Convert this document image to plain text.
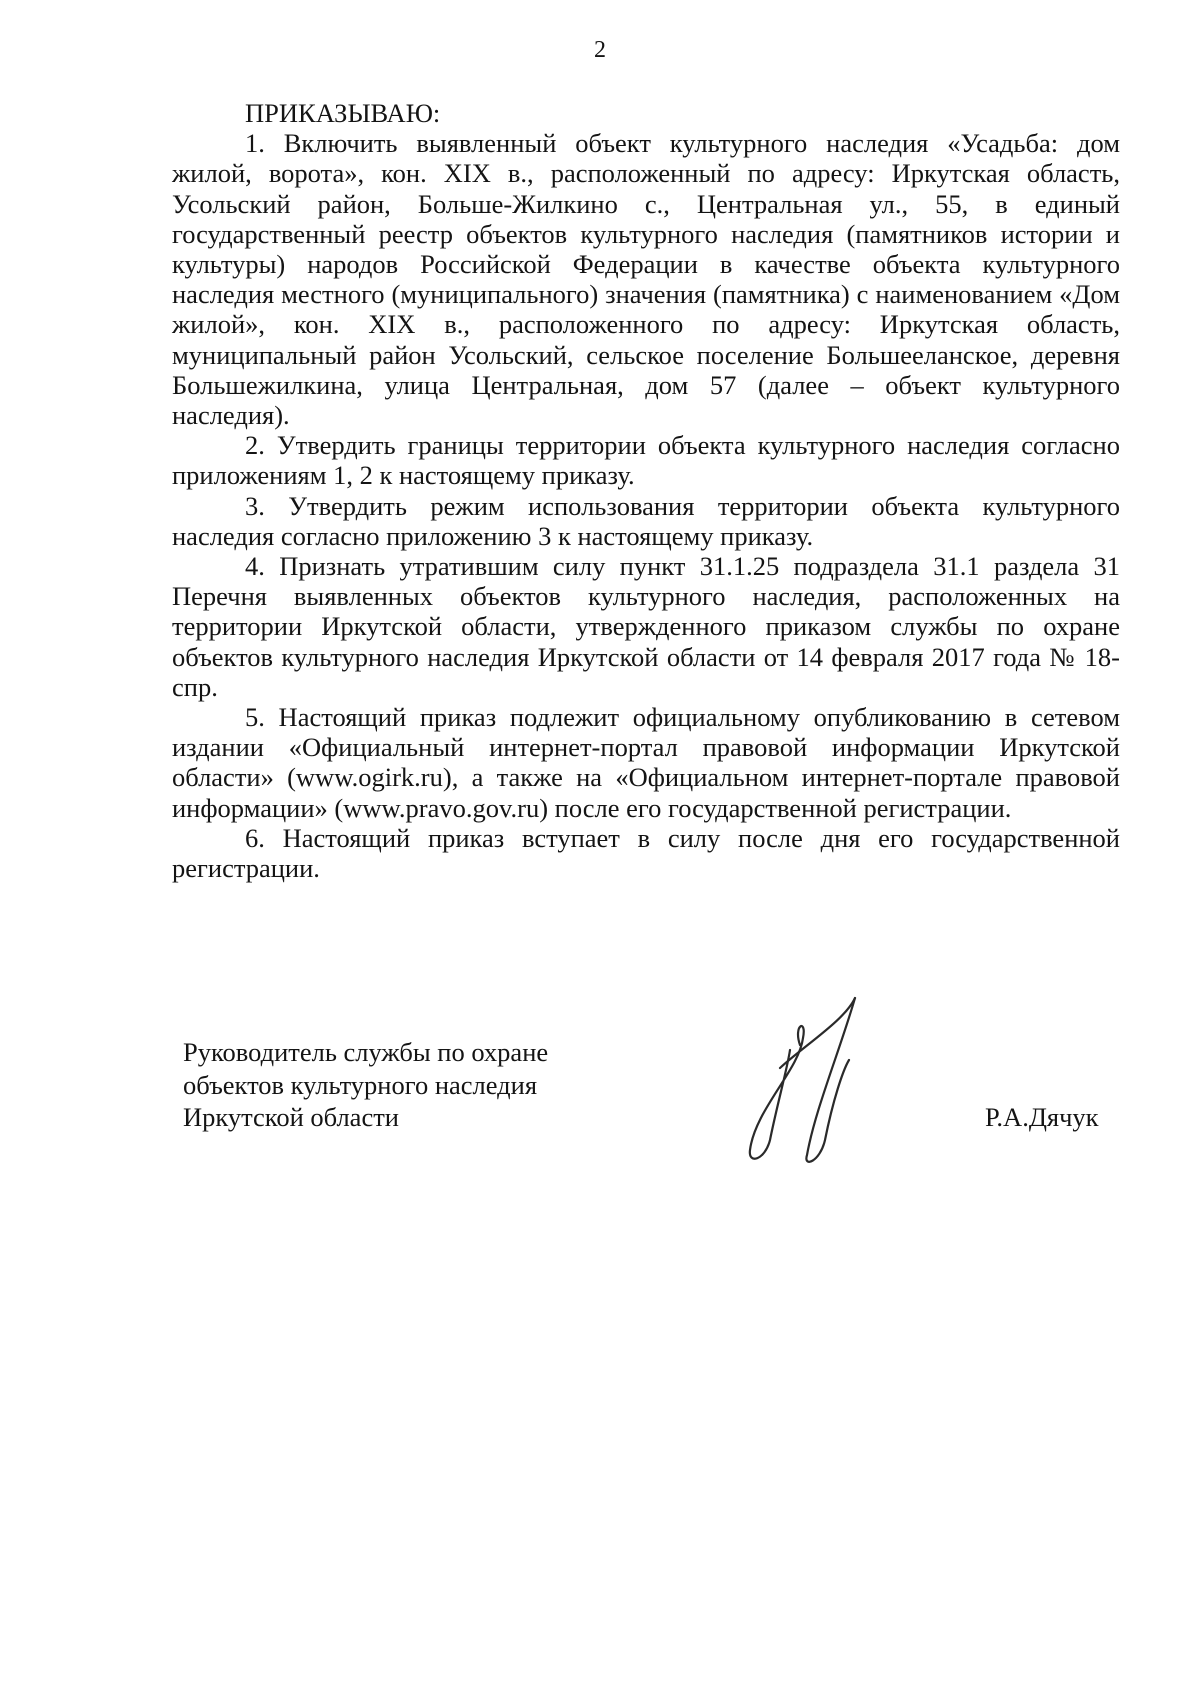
2

ПРИКАЗЫВАЮ:

1. Включить выявленный объект культурного наследия «Усадьба: дом жилой, ворота», кон. XIX в., расположенный по адресу: Иркутская область, Усольский район, Больше-Жилкино с., Центральная ул., 55, в единый государственный реестр объектов культурного наследия (памятников истории и культуры) народов Российской Федерации в качестве объекта культурного наследия местного (муниципального) значения (памятника) с наименованием «Дом жилой», кон. XIX в., расположенного по адресу: Иркутская область, муниципальный район Усольский, сельское поселение Большееланское, деревня Большежилкина, улица Центральная, дом 57 (далее – объект культурного наследия).

2. Утвердить границы территории объекта культурного наследия согласно приложениям 1, 2 к настоящему приказу.

3. Утвердить режим использования территории объекта культурного наследия согласно приложению 3 к настоящему приказу.

4. Признать утратившим силу пункт 31.1.25 подраздела 31.1 раздела 31 Перечня выявленных объектов культурного наследия, расположенных на территории Иркутской области, утвержденного приказом службы по охране объектов культурного наследия Иркутской области от 14 февраля 2017 года № 18-спр.

5. Настоящий приказ подлежит официальному опубликованию в сетевом издании «Официальный интернет-портал правовой информации Иркутской области» (www.ogirk.ru), а также на «Официальном интернет-портале правовой информации» (www.pravo.gov.ru) после его государственной регистрации.

6. Настоящий приказ вступает в силу после дня его государственной регистрации.

Руководитель службы по охране
объектов культурного наследия
Иркутской области	Р.А.Дячук
